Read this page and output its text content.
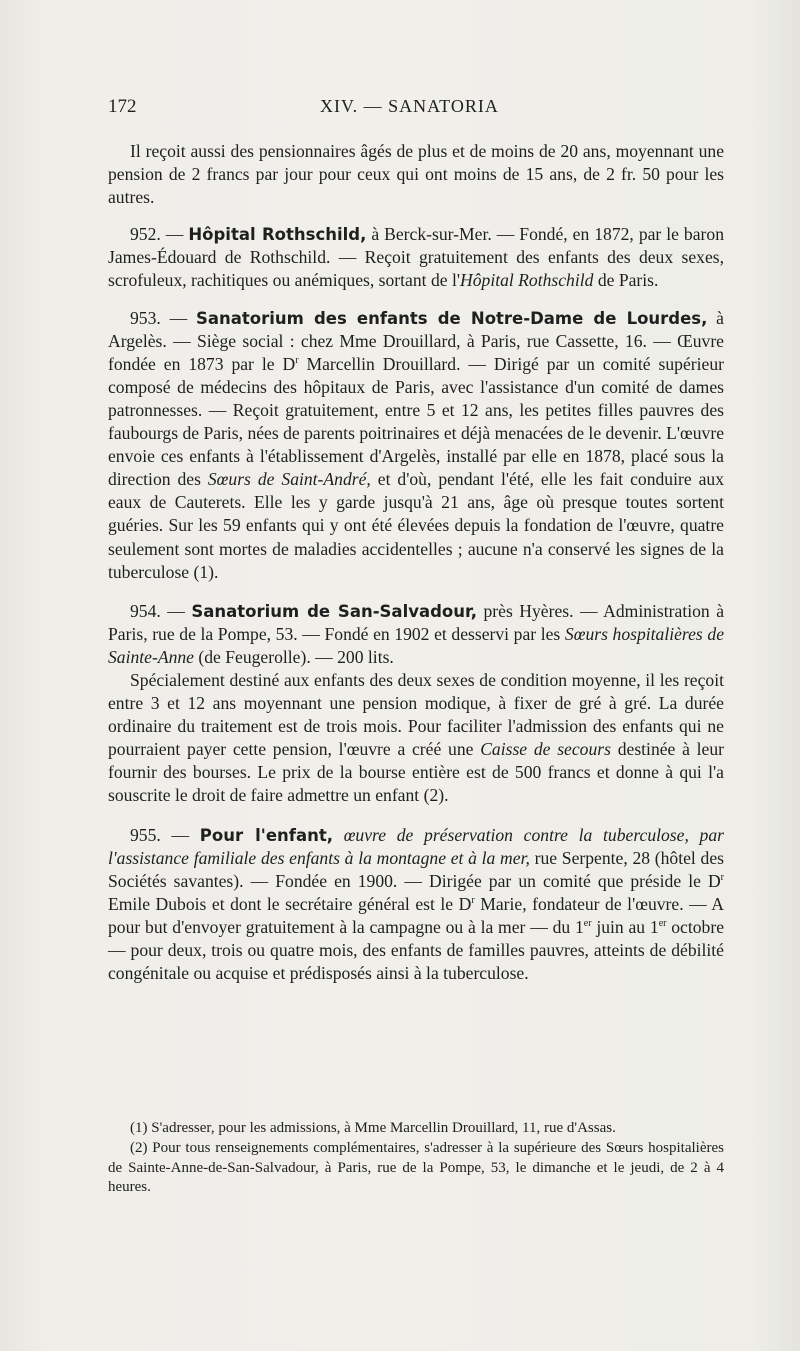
172	XIV. — SANATORIA

Il reçoit aussi des pensionnaires âgés de plus et de moins de 20 ans, moyennant une pension de 2 francs par jour pour ceux qui ont moins de 15 ans, de 2 fr. 50 pour les autres.

952. — Hôpital Rothschild, à Berck-sur-Mer. — Fondé, en 1872, par le baron James-Édouard de Rothschild. — Reçoit gratuitement des enfants des deux sexes, scrofuleux, rachitiques ou anémiques, sortant de l'Hôpital Rothschild de Paris.

953. — Sanatorium des enfants de Notre-Dame de Lourdes, à Argelès. — Siège social : chez Mme Drouillard, à Paris, rue Cassette, 16. — Œuvre fondée en 1873 par le $D^r$ Marcellin Drouillard. — Dirigé par un comité supérieur composé de médecins des hôpitaux de Paris, avec l'assistance d'un comité de dames patronnesses. — Reçoit gratuitement, entre 5 et 12 ans, les petites filles pauvres des faubourgs de Paris, nées de parents poitrinaires et déjà menacées de le devenir. L'œuvre envoie ces enfants à l'établissement d'Argelès, installé par elle en 1878, placé sous la direction des Sœurs de Saint-André, et d'où, pendant l'été, elle les fait conduire aux eaux de Cauterets. Elle les y garde jusqu'à 21 ans, âge où presque toutes sortent guéries. Sur les 59 enfants qui y ont été élevées depuis la fondation de l'œuvre, quatre seulement sont mortes de maladies accidentelles ; aucune n'a conservé les signes de la tuberculose (1).

954. — Sanatorium de San-Salvadour, près Hyères. — Administration à Paris, rue de la Pompe, 53. — Fondé en 1902 et desservi par les Sœurs hospitalières de Sainte-Anne (de Feugerolle). — 200 lits.

Spécialement destiné aux enfants des deux sexes de condition moyenne, il les reçoit entre 3 et 12 ans moyennant une pension modique, à fixer de gré à gré. La durée ordinaire du traitement est de trois mois. Pour faciliter l'admission des enfants qui ne pourraient payer cette pension, l'œuvre a créé une Caisse de secours destinée à leur fournir des bourses. Le prix de la bourse entière est de 500 francs et donne à qui l'a souscrite le droit de faire admettre un enfant (2).

955. — Pour l'enfant, œuvre de préservation contre la tuberculose, par l'assistance familiale des enfants à la montagne et à la mer, rue Serpente, 28 (hôtel des Sociétés savantes). — Fondée en 1900. — Dirigée par un comité que préside le $D^r$ Emile Dubois et dont le secrétaire général est le $D^r$ Marie, fondateur de l'œuvre. — A pour but d'envoyer gratuitement à la campagne ou à la mer — du 1er juin au 1er octobre — pour deux, trois ou quatre mois, des enfants de familles pauvres, atteints de débilité congénitale ou acquise et prédisposés ainsi à la tuberculose.

(1) S'adresser, pour les admissions, à Mme Marcellin Drouillard, 11, rue d'Assas.

(2) Pour tous renseignements complémentaires, s'adresser à la supérieure des Sœurs hospitalières de Sainte-Anne-de-San-Salvadour, à Paris, rue de la Pompe, 53, le dimanche et le jeudi, de 2 à 4 heures.
